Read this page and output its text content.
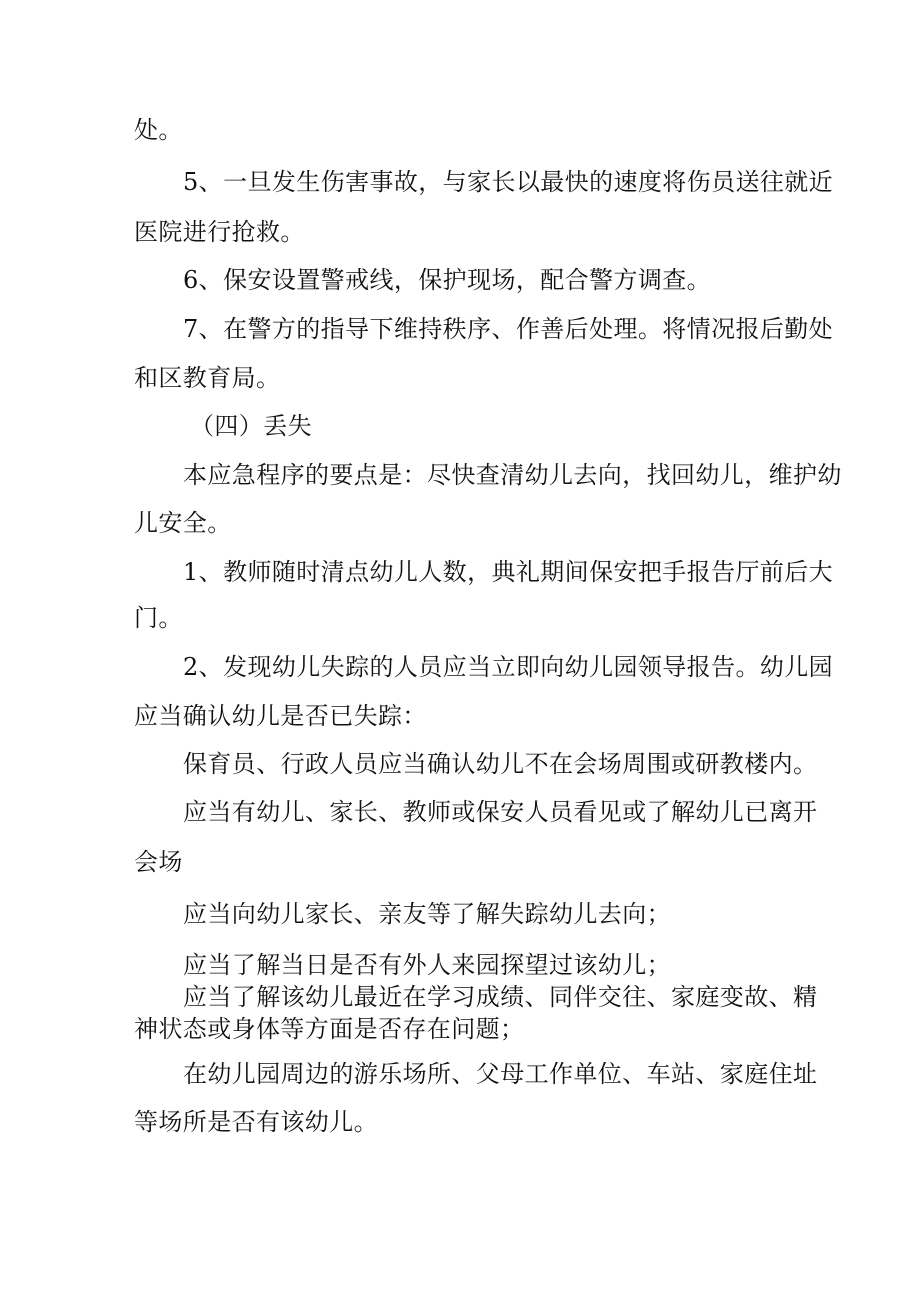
处。
5、一旦发生伤害事故，与家长以最快的速度将伤员送往就近
医院进行抢救。
6、保安设置警戒线，保护现场，配合警方调查。
7、在警方的指导下维持秩序、作善后处理。将情况报后勤处
和区教育局。
（四）丢失
本应急程序的要点是：尽快查清幼儿去向，找回幼儿，维护幼
儿安全。
1、教师随时清点幼儿人数，典礼期间保安把手报告厅前后大
门。
2、发现幼儿失踪的人员应当立即向幼儿园领导报告。幼儿园
应当确认幼儿是否已失踪：
保育员、行政人员应当确认幼儿不在会场周围或研教楼内。
应当有幼儿、家长、教师或保安人员看见或了解幼儿已离开
会场
应当向幼儿家长、亲友等了解失踪幼儿去向；
应当了解当日是否有外人来园探望过该幼儿；
应当了解该幼儿最近在学习成绩、同伴交往、家庭变故、精
神状态或身体等方面是否存在问题；
在幼儿园周边的游乐场所、父母工作单位、车站、家庭住址
等场所是否有该幼儿。
